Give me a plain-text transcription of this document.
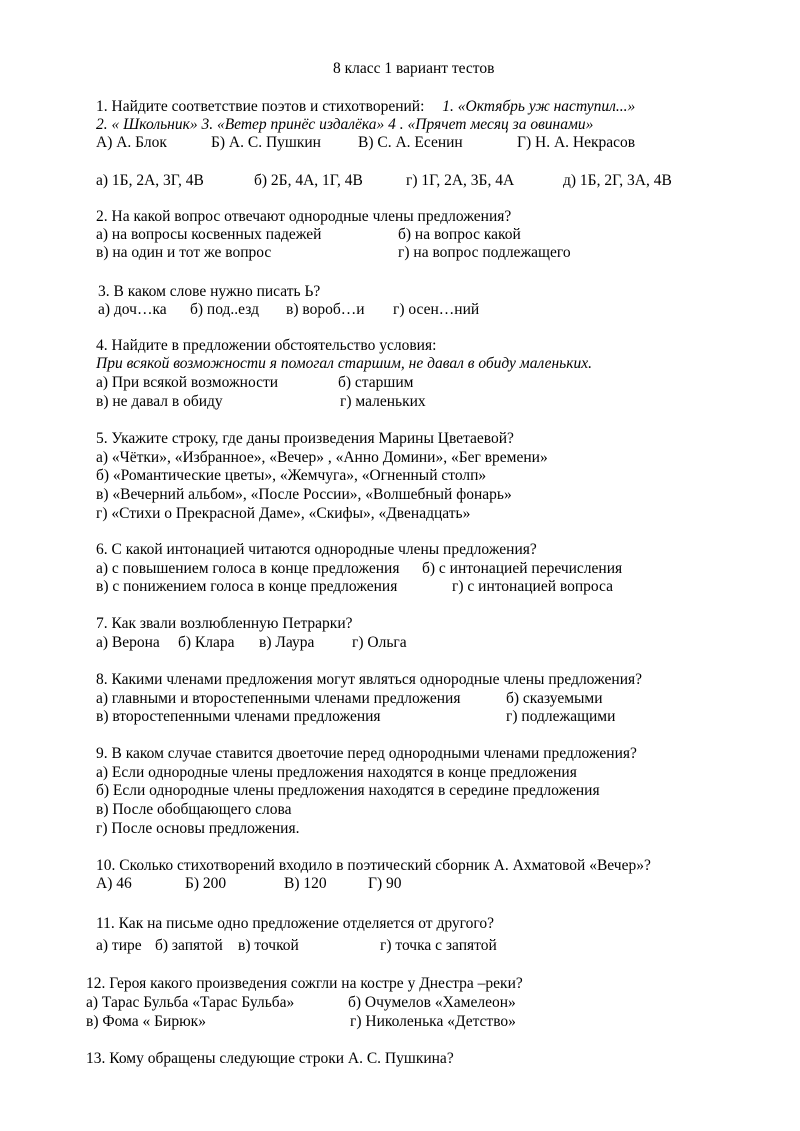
8 класс 1 вариант тестов
1. Найдите соответствие поэтов и стихотворений: 1. «Октябрь уж наступил...»
2. « Школьник» 3. «Ветер принёс издалёка» 4 . «Прячет месяц за овинами»
А) А. Блок	Б) А. С. Пушкин В) С. А. Есенин	Г) Н. А. Некрасов
а) 1Б, 2А, 3Г, 4В	б) 2Б, 4А, 1Г, 4В	г) 1Г, 2А, 3Б, 4А	д) 1Б, 2Г, 3А, 4В
2. На какой вопрос отвечают однородные члены предложения?
а) на вопросы косвенных падежей	б) на вопрос какой
в) на один и тот же вопрос	г) на вопрос подлежащего
3. В каком слове нужно писать Ь?
а) доч…ка б) под..езд в) вороб…и г) осен…ний
4. Найдите в предложении обстоятельство условия:
При всякой возможности я помогал старшим, не давал в обиду маленьких.
а) При всякой возможности	б) старшим
в) не давал в обиду	г) маленьких
5. Укажите строку, где даны произведения Марины Цветаевой?
а) «Чётки», «Избранное», «Вечер» , «Анно Домини», «Бег времени»
б) «Романтические цветы», «Жемчуга», «Огненный столп»
в) «Вечерний альбом», «После России», «Волшебный фонарь»
г) «Стихи о Прекрасной Даме», «Скифы», «Двенадцать»
6. С какой интонацией читаются однородные члены предложения?
а) с повышением голоса в конце предложения б) с интонацией перечисления
в) с понижением голоса в конце предложения	г) с интонацией вопроса
7. Как звали возлюбленную Петрарки?
а) Верона б) Клара в) Лаура г) Ольга
8. Какими членами предложения могут являться однородные члены предложения?
а) главными и второстепенными членами предложения	б) сказуемыми
в) второстепенными членами предложения	г) подлежащими
9. В каком случае ставится двоеточие перед однородными членами предложения?
а) Если однородные члены предложения находятся в конце предложения
б) Если однородные члены предложения находятся в середине предложения
в) После обобщающего слова
г) После основы предложения.
10. Сколько стихотворений входило в поэтический сборник А. Ахматовой «Вечер»?
А) 46	Б) 200	В) 120	Г) 90
11. Как на письме одно предложение отделяется от другого?
а) тире б) запятой в) точкой	г) точка с запятой
12. Героя какого произведения сожгли на костре у Днестра –реки?
а) Тарас Бульба «Тарас Бульба»	б) Очумелов «Хамелеон»
в) Фома « Бирюк»	г) Николенька «Детство»
13. Кому обращены следующие строки А. С. Пушкина?
